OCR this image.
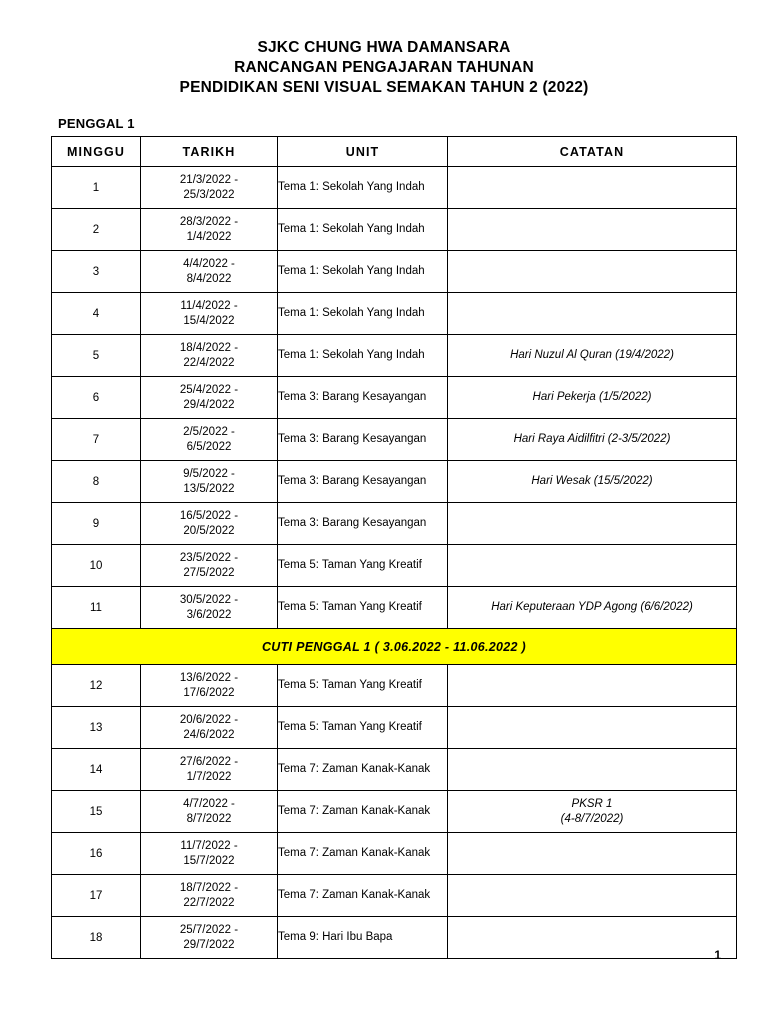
SJKC CHUNG HWA DAMANSARA
RANCANGAN PENGAJARAN TAHUNAN
PENDIDIKAN SENI VISUAL SEMAKAN TAHUN 2 (2022)
PENGGAL 1
MINGGU	TARIKH	UNIT	CATATAN
1	21/3/2022 -
25/3/2022	Tema 1: Sekolah Yang Indah	
2	28/3/2022 -
1/4/2022	Tema 1: Sekolah Yang Indah	
3	4/4/2022 -
8/4/2022	Tema 1: Sekolah Yang Indah	
4	11/4/2022 -
15/4/2022	Tema 1: Sekolah Yang Indah	
5	18/4/2022 -
22/4/2022	Tema 1: Sekolah Yang Indah	Hari Nuzul Al Quran (19/4/2022)
6	25/4/2022 -
29/4/2022	Tema 3: Barang Kesayangan	Hari Pekerja (1/5/2022)
7	2/5/2022 -
6/5/2022	Tema 3: Barang Kesayangan	Hari Raya Aidilfitri (2-3/5/2022)
8	9/5/2022 -
13/5/2022	Tema 3: Barang Kesayangan	Hari Wesak (15/5/2022)
9	16/5/2022 -
20/5/2022	Tema 3: Barang Kesayangan	
10	23/5/2022 -
27/5/2022	Tema 5: Taman Yang Kreatif	
11	30/5/2022 -
3/6/2022	Tema 5: Taman Yang Kreatif	Hari Keputeraan YDP Agong (6/6/2022)
CUTI PENGGAL 1 ( 3.06.2022 - 11.06.2022 )			
12	13/6/2022 -
17/6/2022	Tema 5: Taman Yang Kreatif	
13	20/6/2022 -
24/6/2022	Tema 5: Taman Yang Kreatif	
14	27/6/2022 -
1/7/2022	Tema 7: Zaman Kanak-Kanak	
15	4/7/2022 -
8/7/2022	Tema 7: Zaman Kanak-Kanak	PKSR 1
(4-8/7/2022)
16	11/7/2022 -
15/7/2022	Tema 7: Zaman Kanak-Kanak	
17	18/7/2022 -
22/7/2022	Tema 7: Zaman Kanak-Kanak	
18	25/7/2022 -
29/7/2022	Tema 9: Hari Ibu Bapa	
1
